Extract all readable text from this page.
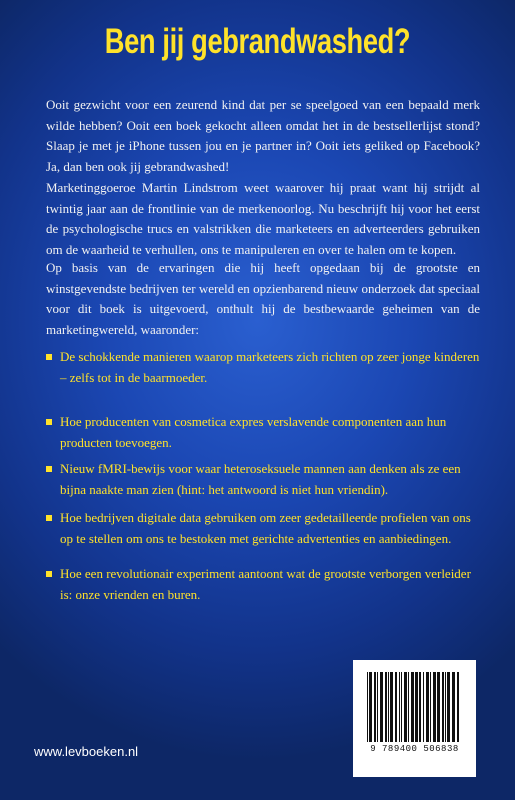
Ben jij gebrandwashed?
Ooit gezwicht voor een zeurend kind dat per se speelgoed van een bepaald merk wilde hebben? Ooit een boek gekocht alleen omdat het in de bestsellerlijst stond? Slaap je met je iPhone tussen jou en je partner in? Ooit iets geliked op Facebook? Ja, dan ben ook jij gebrandwashed!
Marketinggoeroe Martin Lindstrom weet waarover hij praat want hij strijdt al twintig jaar aan de frontlinie van de merkenoorlog. Nu beschrijft hij voor het eerst de psychologische trucs en valstrikken die marketeers en adverteerders gebruiken om de waarheid te verhullen, ons te manipuleren en over te halen om te kopen.
Op basis van de ervaringen die hij heeft opgedaan bij de grootste en winstgevendste bedrijven ter wereld en opzienbarend nieuw onderzoek dat speciaal voor dit boek is uitgevoerd, onthult hij de bestbewaarde geheimen van de marketingwereld, waaronder:
De schokkende manieren waarop marketeers zich richten op zeer jonge kinderen – zelfs tot in de baarmoeder.
Hoe producenten van cosmetica expres verslavende componenten aan hun producten toevoegen.
Nieuw fMRI-bewijs voor waar heteroseksuele mannen aan denken als ze een bijna naakte man zien (hint: het antwoord is niet hun vriendin).
Hoe bedrijven digitale data gebruiken om zeer gedetailleerde profielen van ons op te stellen om ons te bestoken met gerichte advertenties en aanbiedingen.
Hoe een revolutionair experiment aantoont wat de grootste verborgen verleider is: onze vrienden en buren.
www.levboeken.nl	9 789400 506838
